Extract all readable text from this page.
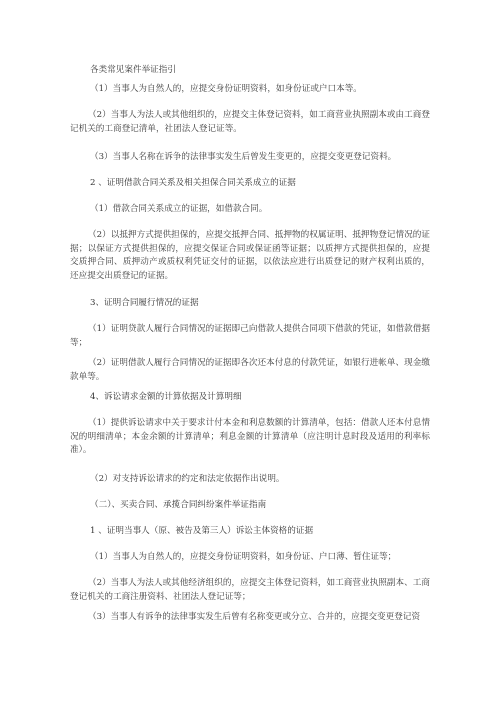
各类常见案件举证指引

（1）当事人为自然人的，应提交身份证明资料，如身份证或户口本等。

（2）当事人为法人或其他组织的，应提交主体登记资料，如工商营业执照副本或由工商登记机关的工商登记清单，社团法人登记证等。

（3）当事人名称在诉争的法律事实发生后曾发生变更的，应提交变更登记资料。

2 、证明借款合同关系及相关担保合同关系成立的证据

（1）借款合同关系成立的证据，如借款合同。

（2）以抵押方式提供担保的，应提交抵押合同、抵押物的权属证明、抵押物登记情况的证据；以保证方式提供担保的，应提交保证合同或保证函等证据；以质押方式提供担保的，应提交质押合同、质押动产或质权利凭证交付的证据，以依法应进行出质登记的财产权利出质的，还应提交出质登记的证据。

3、证明合同履行情况的证据

（1）证明贷款人履行合同情况的证据即己向借款人提供合同项下借款的凭证，如借款借据等；

（2）证明借款人履行合同情况的证据即各次还本付息的付款凭证，如银行进帐单、现金缴款单等。

4、诉讼请求金额的计算依据及计算明细

（1）提供诉讼请求中关于要求计付本金和利息数额的计算清单，包括：借款人还本付息情况的明细清单；本金余额的计算清单；利息金额的计算清单（应注明计息时段及适用的利率标准）。

（2）对支持诉讼请求的约定和法定依据作出说明。

（二）、买卖合同、承揽合同纠纷案件举证指南

1 、证明当事人（原、被告及第三人）诉讼主体资格的证据

（1）当事人为自然人的，应提交身份证明资料，如身份证、户口薄、暂住证等；

（2）当事人为法人或其他经济组织的，应提交主体登记资料，如工商营业执照副本、工商登记机关的工商注册资料、社团法人登记证等；

（3）当事人有诉争的法律事实发生后曾有名称变更或分立、合并的，应提交变更登记资
